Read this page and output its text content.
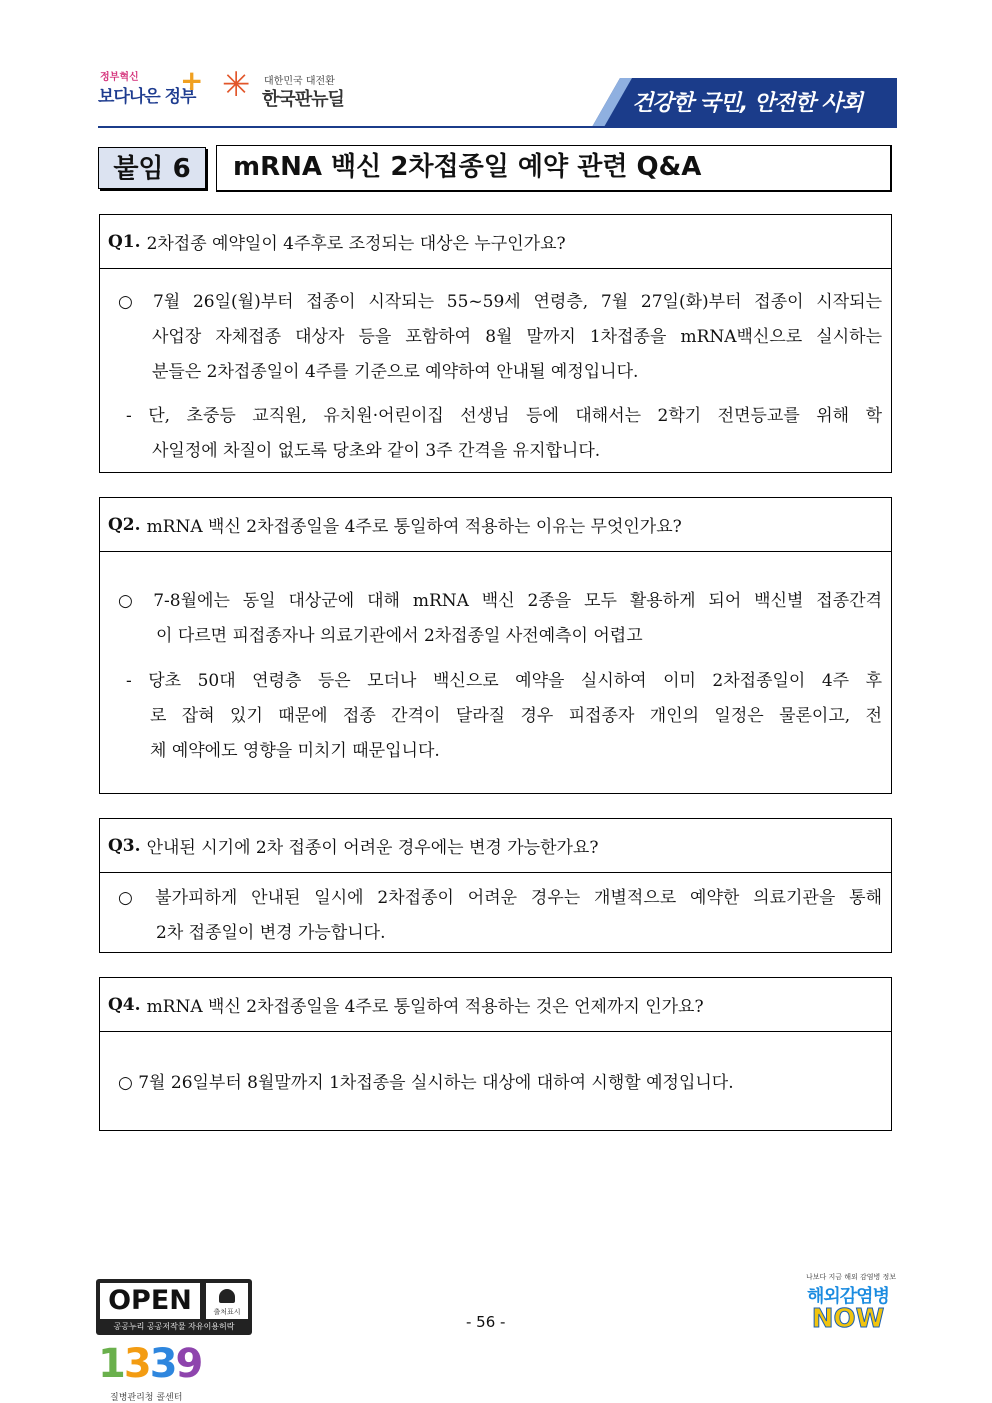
정부혁신
보다나은 정부
+ ✳ 대한민국 대전환
한국판뉴딜	건강한 국민, 안전한 사회
붙임 6	mRNA 백신 2차접종일 예약 관련 Q&A
Q1. 2차접종 예약일이 4주후로 조정되는 대상은 누구인가요?
○ 7월 26일(월)부터 접종이 시작되는 55~59세 연령층, 7월 27일(화)부터 접종이 시작되는
사업장 자체접종 대상자 등을 포함하여 8월 말까지 1차접종을 mRNA백신으로 실시하는
분들은 2차접종일이 4주를 기준으로 예약하여 안내될 예정입니다.
- 단, 초중등 교직원, 유치원·어린이집 선생님 등에 대해서는 2학기 전면등교를 위해 학
사일정에 차질이 없도록 당초와 같이 3주 간격을 유지합니다.
Q2. mRNA 백신 2차접종일을 4주로 통일하여 적용하는 이유는 무엇인가요?
○ 7-8월에는 동일 대상군에 대해 mRNA 백신 2종을 모두 활용하게 되어 백신별 접종간격
이 다르면 피접종자나 의료기관에서 2차접종일 사전예측이 어렵고
- 당초 50대 연령층 등은 모더나 백신으로 예약을 실시하여 이미 2차접종일이 4주 후
로 잡혀 있기 때문에 접종 간격이 달라질 경우 피접종자 개인의 일정은 물론이고, 전
체 예약에도 영향을 미치기 때문입니다.
Q3. 안내된 시기에 2차 접종이 어려운 경우에는 변경 가능한가요?
○ 불가피하게 안내된 일시에 2차접종이 어려운 경우는 개별적으로 예약한 의료기관을 통해
2차 접종일이 변경 가능합니다.
Q4. mRNA 백신 2차접종일을 4주로 통일하여 적용하는 것은 언제까지 인가요?
○ 7월 26일부터 8월말까지 1차접종을 실시하는 대상에 대하여 시행할 예정입니다.
OPEN	출처표시
공공누리 공공저작물 자유이용허락
1339
질병관리청 콜센터
- 56 -
나보다 지금 해외 감염병 정보
해외감염병
NOW
